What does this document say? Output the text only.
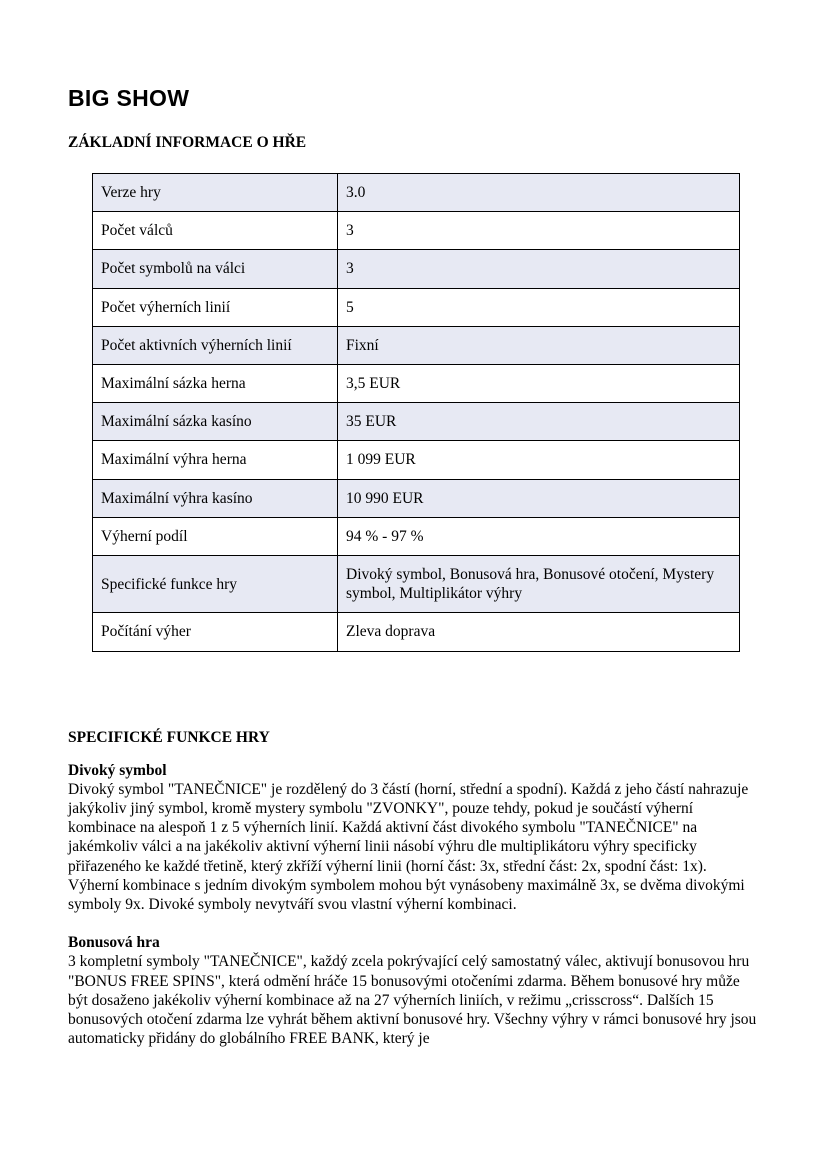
BIG SHOW
ZÁKLADNÍ INFORMACE O HŘE
Verze hry	3.0
Počet válců	3
Počet symbolů na válci	3
Počet výherních linií	5
Počet aktivních výherních linií	Fixní
Maximální sázka herna	3,5 EUR
Maximální sázka kasíno	35 EUR
Maximální výhra herna	1 099 EUR
Maximální výhra kasíno	10 990 EUR
Výherní podíl	94 % - 97 %
Specifické funkce hry	Divoký symbol, Bonusová hra, Bonusové otočení, Mystery symbol, Multiplikátor výhry
Počítání výher	Zleva doprava
SPECIFICKÉ FUNKCE HRY
Divoký symbol
Divoký symbol "TANEČNICE" je rozdělený do 3 částí (horní, střední a spodní). Každá z jeho částí nahrazuje jakýkoliv jiný symbol, kromě mystery symbolu "ZVONKY", pouze tehdy, pokud je součástí výherní kombinace na alespoň 1 z 5 výherních linií. Každá aktivní část divokého symbolu "TANEČNICE" na jakémkoliv válci a na jakékoliv aktivní výherní linii násobí výhru dle multiplikátoru výhry specificky přiřazeného ke každé třetině, který zkříží výherní linii (horní část: 3x, střední část: 2x, spodní část: 1x). Výherní kombinace s jedním divokým symbolem mohou být vynásobeny maximálně 3x, se dvěma divokými symboly 9x. Divoké symboly nevytváří svou vlastní výherní kombinaci.
Bonusová hra
3 kompletní symboly "TANEČNICE", každý zcela pokrývající celý samostatný válec, aktivují bonusovou hru "BONUS FREE SPINS", která odmění hráče 15 bonusovými otočeními zdarma. Během bonusové hry může být dosaženo jakékoliv výherní kombinace až na 27 výherních liniích, v režimu „crisscross“. Dalších 15 bonusových otočení zdarma lze vyhrát během aktivní bonusové hry. Všechny výhry v rámci bonusové hry jsou automaticky přidány do globálního FREE BANK, který je
